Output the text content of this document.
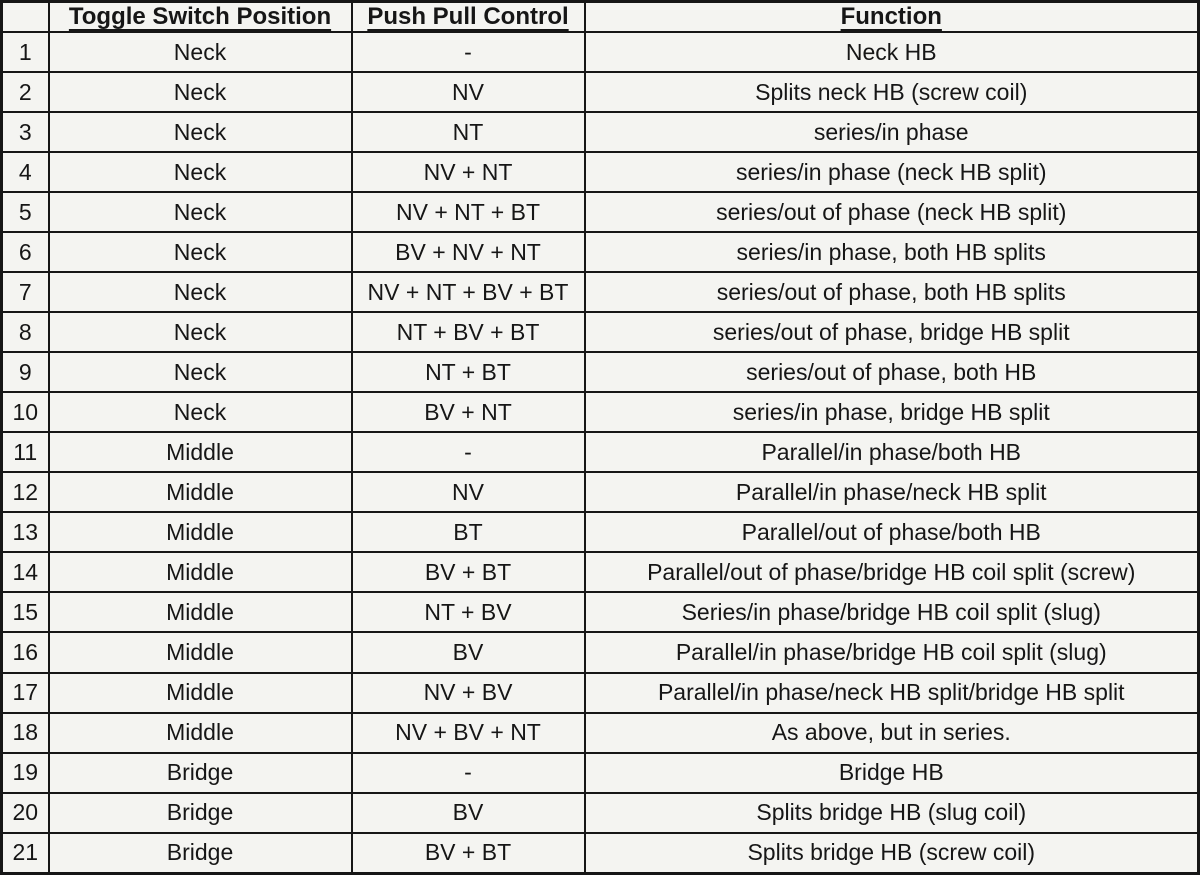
	Toggle Switch Position	Push Pull Control	Function
1	Neck	-	Neck HB
2	Neck	NV	Splits neck HB (screw coil)
3	Neck	NT	series/in phase
4	Neck	NV + NT	series/in phase (neck HB split)
5	Neck	NV + NT + BT	series/out of phase (neck HB split)
6	Neck	BV + NV + NT	series/in phase, both HB splits
7	Neck	NV + NT + BV + BT	series/out of phase, both HB splits
8	Neck	NT + BV + BT	series/out of phase, bridge HB split
9	Neck	NT + BT	series/out of phase, both HB
10	Neck	BV + NT	series/in phase, bridge HB split
11	Middle	-	Parallel/in phase/both HB
12	Middle	NV	Parallel/in phase/neck HB split
13	Middle	BT	Parallel/out of phase/both HB
14	Middle	BV + BT	Parallel/out of phase/bridge HB coil split (screw)
15	Middle	NT + BV	Series/in phase/bridge HB coil split (slug)
16	Middle	BV	Parallel/in phase/bridge HB coil split (slug)
17	Middle	NV + BV	Parallel/in phase/neck HB split/bridge HB split
18	Middle	NV + BV + NT	As above, but in series.
19	Bridge	-	Bridge HB
20	Bridge	BV	Splits bridge HB (slug coil)
21	Bridge	BV + BT	Splits bridge HB (screw coil)
